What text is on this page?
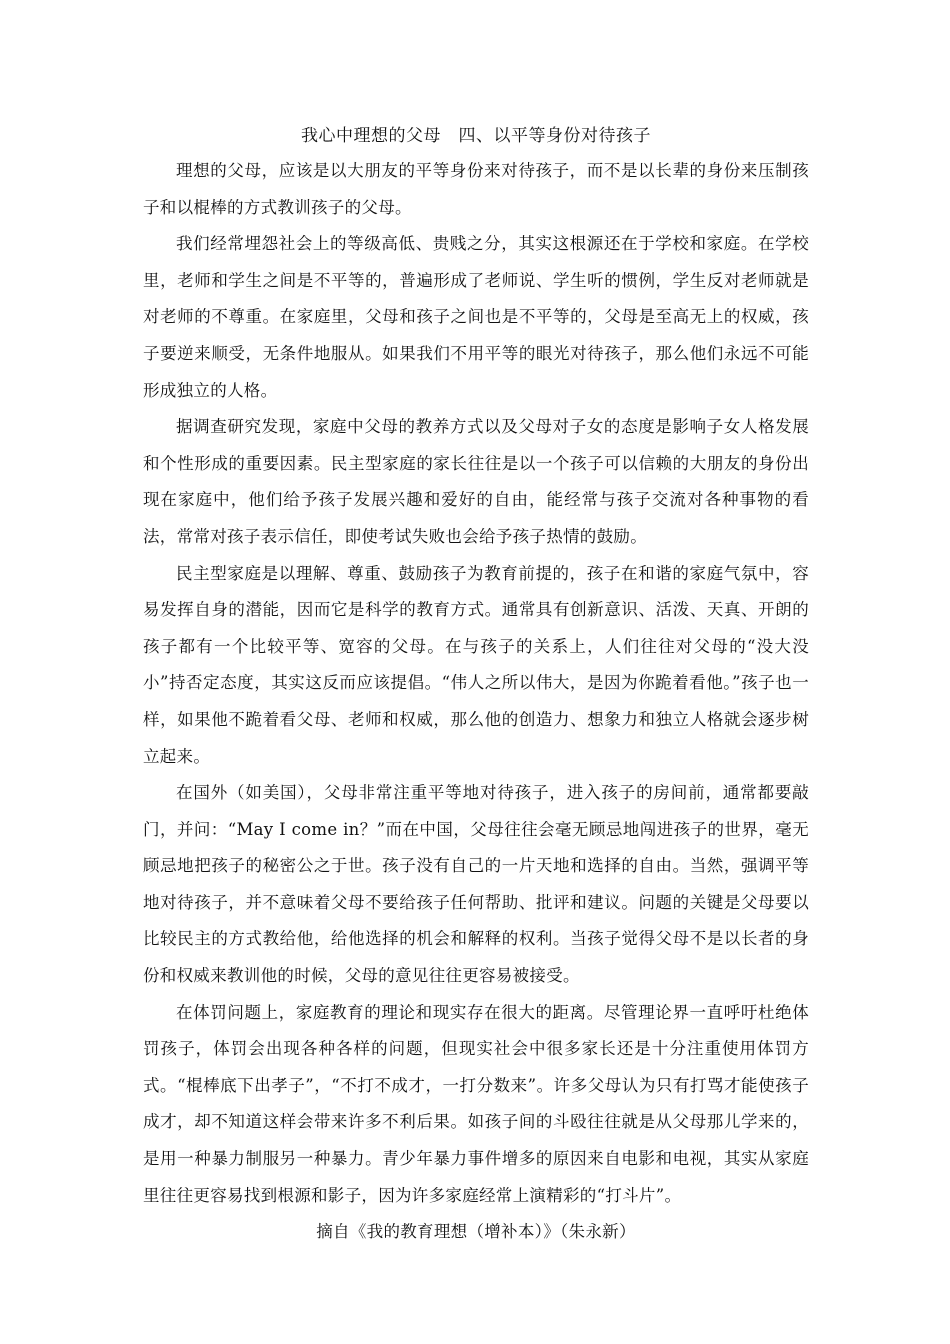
我心中理想的父母　四、以平等身份对待孩子

理想的父母，应该是以大朋友的平等身份来对待孩子，而不是以长辈的身份来压制孩子和以棍棒的方式教训孩子的父母。

我们经常埋怨社会上的等级高低、贵贱之分，其实这根源还在于学校和家庭。在学校里，老师和学生之间是不平等的，普遍形成了老师说、学生听的惯例，学生反对老师就是对老师的不尊重。在家庭里，父母和孩子之间也是不平等的，父母是至高无上的权威，孩子要逆来顺受，无条件地服从。如果我们不用平等的眼光对待孩子，那么他们永远不可能形成独立的人格。

据调查研究发现，家庭中父母的教养方式以及父母对子女的态度是影响子女人格发展和个性形成的重要因素。民主型家庭的家长往往是以一个孩子可以信赖的大朋友的身份出现在家庭中，他们给予孩子发展兴趣和爱好的自由，能经常与孩子交流对各种事物的看法，常常对孩子表示信任，即使考试失败也会给予孩子热情的鼓励。

民主型家庭是以理解、尊重、鼓励孩子为教育前提的，孩子在和谐的家庭气氛中，容易发挥自身的潜能，因而它是科学的教育方式。通常具有创新意识、活泼、天真、开朗的孩子都有一个比较平等、宽容的父母。在与孩子的关系上，人们往往对父母的“没大没小”持否定态度，其实这反而应该提倡。“伟人之所以伟大，是因为你跪着看他。”孩子也一样，如果他不跪着看父母、老师和权威，那么他的创造力、想象力和独立人格就会逐步树立起来。

在国外（如美国），父母非常注重平等地对待孩子，进入孩子的房间前，通常都要敲门，并问：“May I come in？”而在中国，父母往往会毫无顾忌地闯进孩子的世界，毫无顾忌地把孩子的秘密公之于世。孩子没有自己的一片天地和选择的自由。当然，强调平等地对待孩子，并不意味着父母不要给孩子任何帮助、批评和建议。问题的关键是父母要以比较民主的方式教给他，给他选择的机会和解释的权利。当孩子觉得父母不是以长者的身份和权威来教训他的时候，父母的意见往往更容易被接受。

在体罚问题上，家庭教育的理论和现实存在很大的距离。尽管理论界一直呼吁杜绝体罚孩子，体罚会出现各种各样的问题，但现实社会中很多家长还是十分注重使用体罚方式。“棍棒底下出孝子”，“不打不成才，一打分数来”。许多父母认为只有打骂才能使孩子成才，却不知道这样会带来许多不利后果。如孩子间的斗殴往往就是从父母那儿学来的，是用一种暴力制服另一种暴力。青少年暴力事件增多的原因来自电影和电视，其实从家庭里往往更容易找到根源和影子，因为许多家庭经常上演精彩的“打斗片”。

摘自《我的教育理想（增补本）》（朱永新）
